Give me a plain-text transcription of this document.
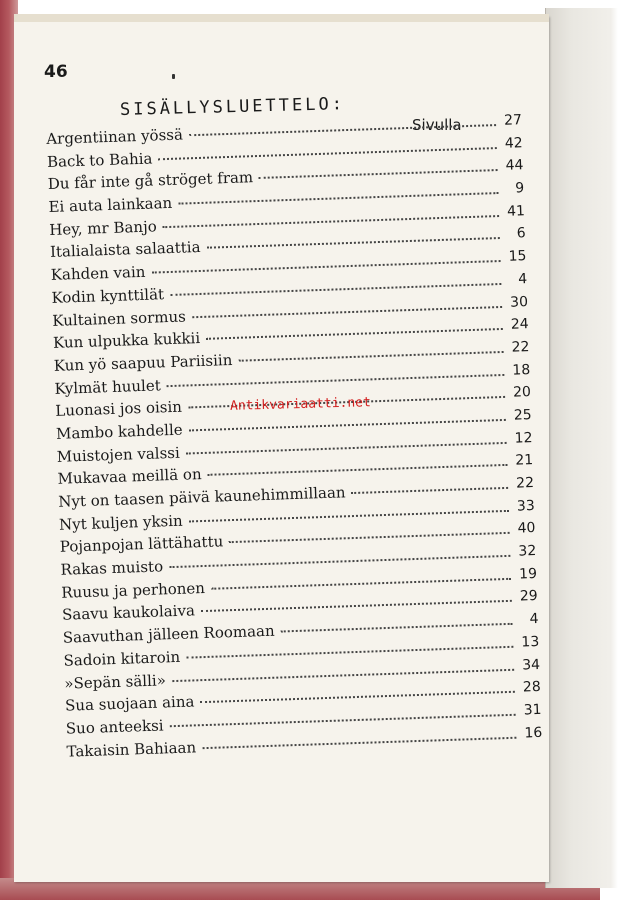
46
SISÄLLYSLUETTELO:
Sivulla
Argentiinan yössä
27
Back to Bahia
42
Du får inte gå ströget fram
44
Ei auta lainkaan
9
Hey, mr Banjo
41
Italialaista salaattia
6
Kahden vain
15
Kodin kynttilät
4
Kultainen sormus
30
Kun ulpukka kukkii
24
Kun yö saapuu Pariisiin
22
Kylmät huulet
18
Luonasi jos oisin
20
Mambo kahdelle
25
Muistojen valssi
12
Mukavaa meillä on
21
Nyt on taasen päivä kaunehimmillaan	22
Nyt kuljen yksin
33
Pojanpojan lättähattu
40
Rakas muisto
32
Ruusu ja perhonen
19
Saavu kaukolaiva
29
Saavuthan jälleen Roomaan
4
Sadoin kitaroin
13
»Sepän sälli»
34
Sua suojaan aina
28
Suo anteeksi
31
Takaisin Bahiaan
16
Antikvariaatti.net
